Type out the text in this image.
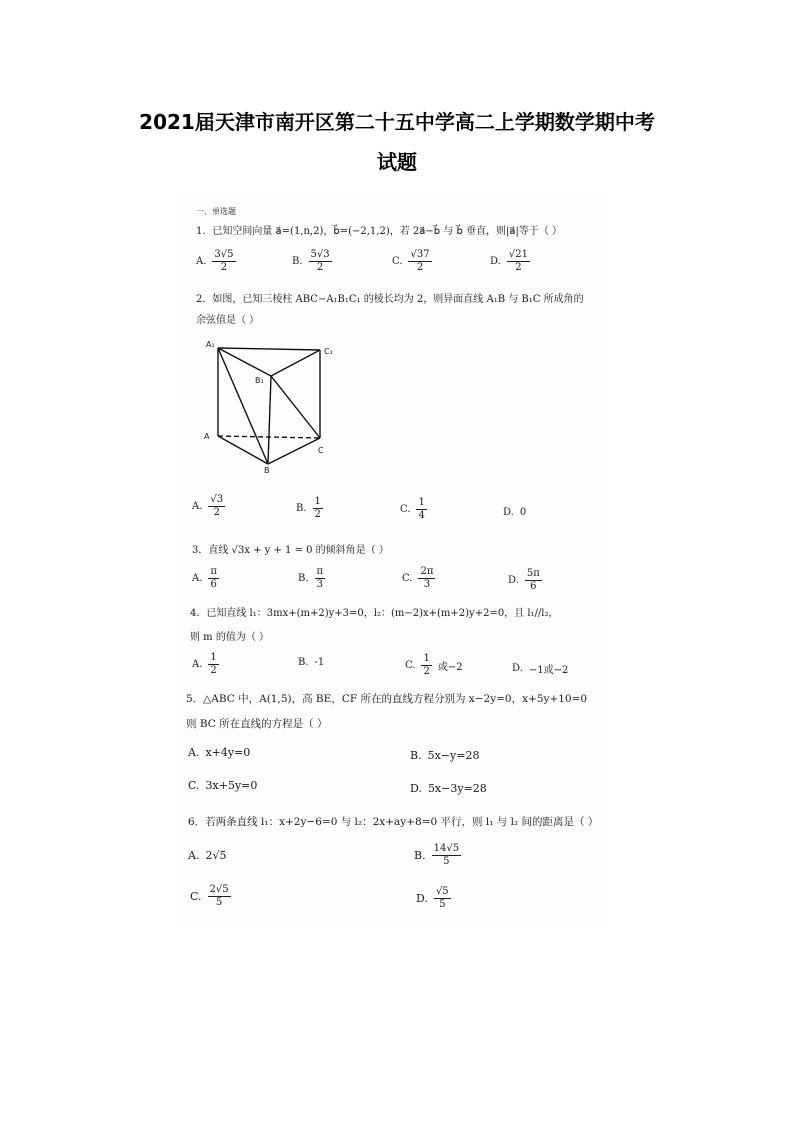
2021届天津市南开区第二十五中学高二上学期数学期中考
试题
一、单选题
1．已知空间向量 a⃗=(1,n,2)，b⃗=(−2,1,2)，若 2a⃗−b⃗ 与 b⃗ 垂直，则|a⃗|等于（ ）
A. $\frac{3√5}{2}$	B. $\frac{5√3}{2}$	C. $\frac{√37}{2}$	D. $\frac{√21}{2}$
2．如图，已知三棱柱 ABC−A₁B₁C₁ 的棱长均为 2，则异面直线 A₁B 与 B₁C 所成角的
余弦值是（ ）
A₁
C₁
B₁
A
B
C
A. $\frac{√3}{2}$	B. $\frac{1}{2}$	C. $\frac{1}{4}$	D. 0
3．直线 √3x + y + 1 = 0 的倾斜角是（ ）
A. $\frac{\pi}{6}$	B. $\frac{\pi}{3}$	C. $\frac{2\pi}{3}$	D. $\frac{5\pi}{6}$
4．已知直线 l₁：3mx+(m+2)y+3=0，l₂：(m−2)x+(m+2)y+2=0，且 l₁//l₂，
则 m 的值为（ ）
A. $\frac{1}{2}$	B. -1	C. $\frac{1}{2}$ 或−2	D. −1或−2
5．△ABC 中，A(1,5)，高 BE，CF 所在的直线方程分别为 x−2y=0，x+5y+10=0
则 BC 所在直线的方程是（ ）
A. x+4y=0	B. 5x−y=28
C. 3x+5y=0	D. 5x−3y=28
6．若两条直线 l₁：x+2y−6=0 与 l₂：2x+ay+8=0 平行，则 l₁ 与 l₂ 间的距离是（ ）
A. 2√5	B. $\frac{14√5}{5}$
C. $\frac{2√5}{5}$	D. $\frac{√5}{5}$
